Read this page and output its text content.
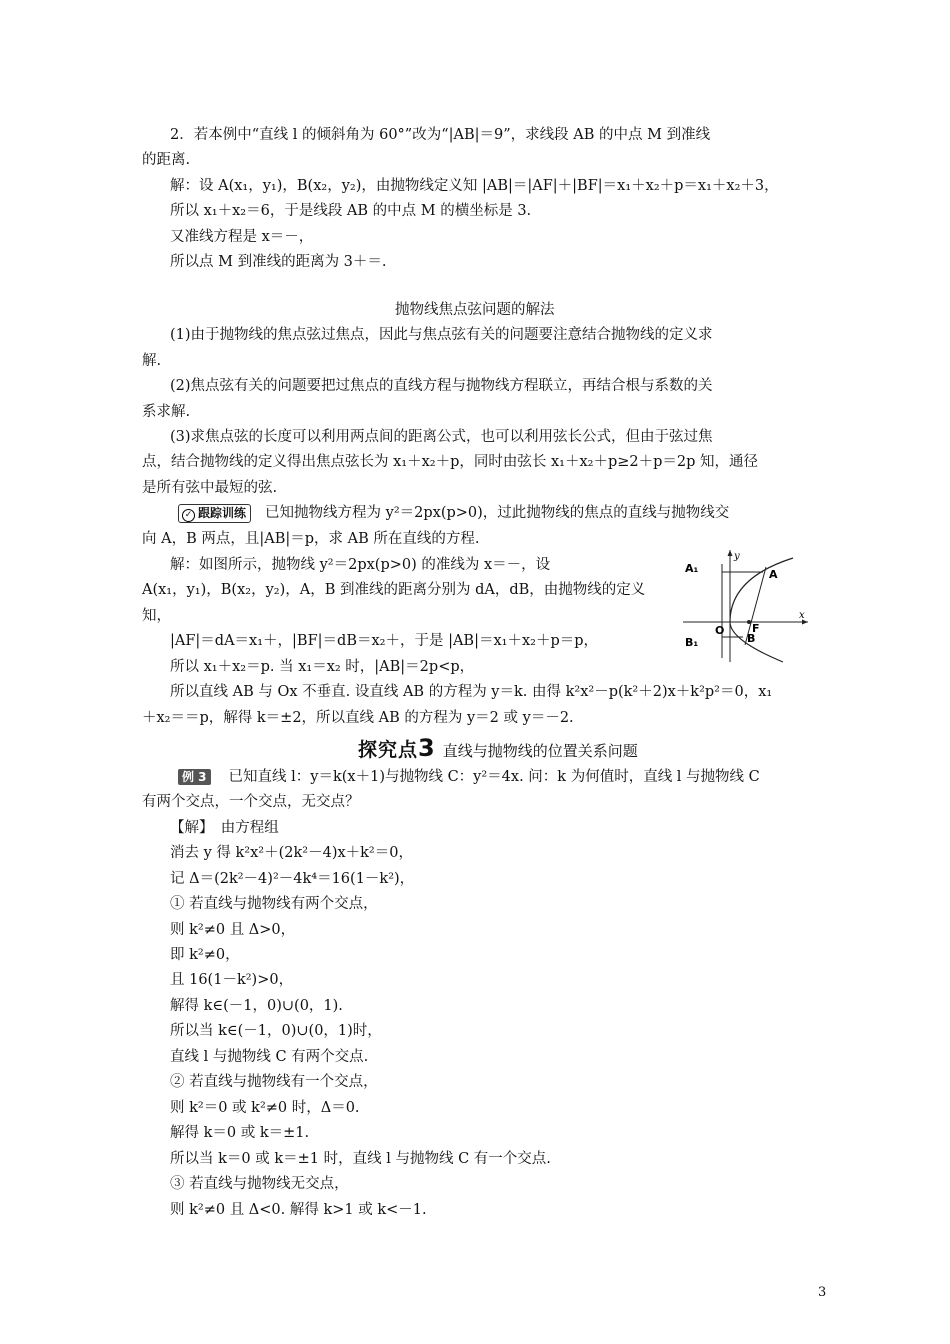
2．若本例中“直线 l 的倾斜角为 60°”改为“|AB|＝9”，求线段 AB 的中点 M 到准线
的距离.
解：设 A(x₁，y₁)，B(x₂，y₂)，由抛物线定义知 |AB|＝|AF|＋|BF|＝x₁＋x₂＋p＝x₁＋x₂＋3，
所以 x₁＋x₂＝6，于是线段 AB 的中点 M 的横坐标是 3.
又准线方程是 x＝－，
所以点 M 到准线的距离为 3＋＝.
抛物线焦点弦问题的解法
(1)由于抛物线的焦点弦过焦点，因此与焦点弦有关的问题要注意结合抛物线的定义求
解.
(2)焦点弦有关的问题要把过焦点的直线方程与抛物线方程联立，再结合根与系数的关
系求解.
(3)求焦点弦的长度可以利用两点间的距离公式，也可以利用弦长公式，但由于弦过焦
点，结合抛物线的定义得出焦点弦长为 x₁＋x₂＋p，同时由弦长 x₁＋x₂＋p≥2＋p＝2p 知，通径
是所有弦中最短的弦.
向 A，B 两点，且|AB|＝p，求 AB 所在直线的方程.
解：如图所示，抛物线 y²＝2px(p>0) 的准线为 x＝－，设
A(x₁，y₁)，B(x₂，y₂)，A，B 到准线的距离分别为 dA，dB，由抛物线的定义
知，
|AF|＝dA＝x₁＋，|BF|＝dB＝x₂＋，于是 |AB|＝x₁＋x₂＋p＝p，
所以 x₁＋x₂＝p. 当 x₁＝x₂ 时，|AB|＝2p<p，
所以直线 AB 与 Ox 不垂直. 设直线 AB 的方程为 y＝k. 由得 k²x²－p(k²＋2)x＋k²p²＝0，x₁
＋x₂＝＝p，解得 k＝±2，所以直线 AB 的方程为 y＝2 或 y＝－2.
有两个交点，一个交点，无交点？
【解】　由方程组
消去 y 得 k²x²＋(2k²－4)x＋k²＝0，
记 Δ＝(2k²－4)²－4k⁴＝16(1－k²)，
① 若直线与抛物线有两个交点，
则 k²≠0 且 Δ>0，
即 k²≠0，
且 16(1－k²)>0，
解得 k∈(－1，0)∪(0，1).
所以当 k∈(－1，0)∪(0，1)时，
直线 l 与抛物线 C 有两个交点.
② 若直线与抛物线有一个交点，
则 k²＝0 或 k²≠0 时，Δ＝0.
解得 k＝0 或 k＝±1.
所以当 k＝0 或 k＝±1 时，直线 l 与抛物线 C 有一个交点.
③ 若直线与抛物线无交点，
则 k²≠0 且 Δ<0. 解得 k>1 或 k<－1.
✓ 跟踪训练 已知抛物线方程为 y²＝2px(p>0)，过此抛物线的焦点的直线与抛物线交
探究点3 直线与抛物线的位置关系问题
例 3 已知直线 l：y＝k(x＋1)与抛物线 C：y²＝4x. 问：k 为何值时，直线 l 与抛物线 C
A₁	A
B₁	B
O	F
x
y
3
